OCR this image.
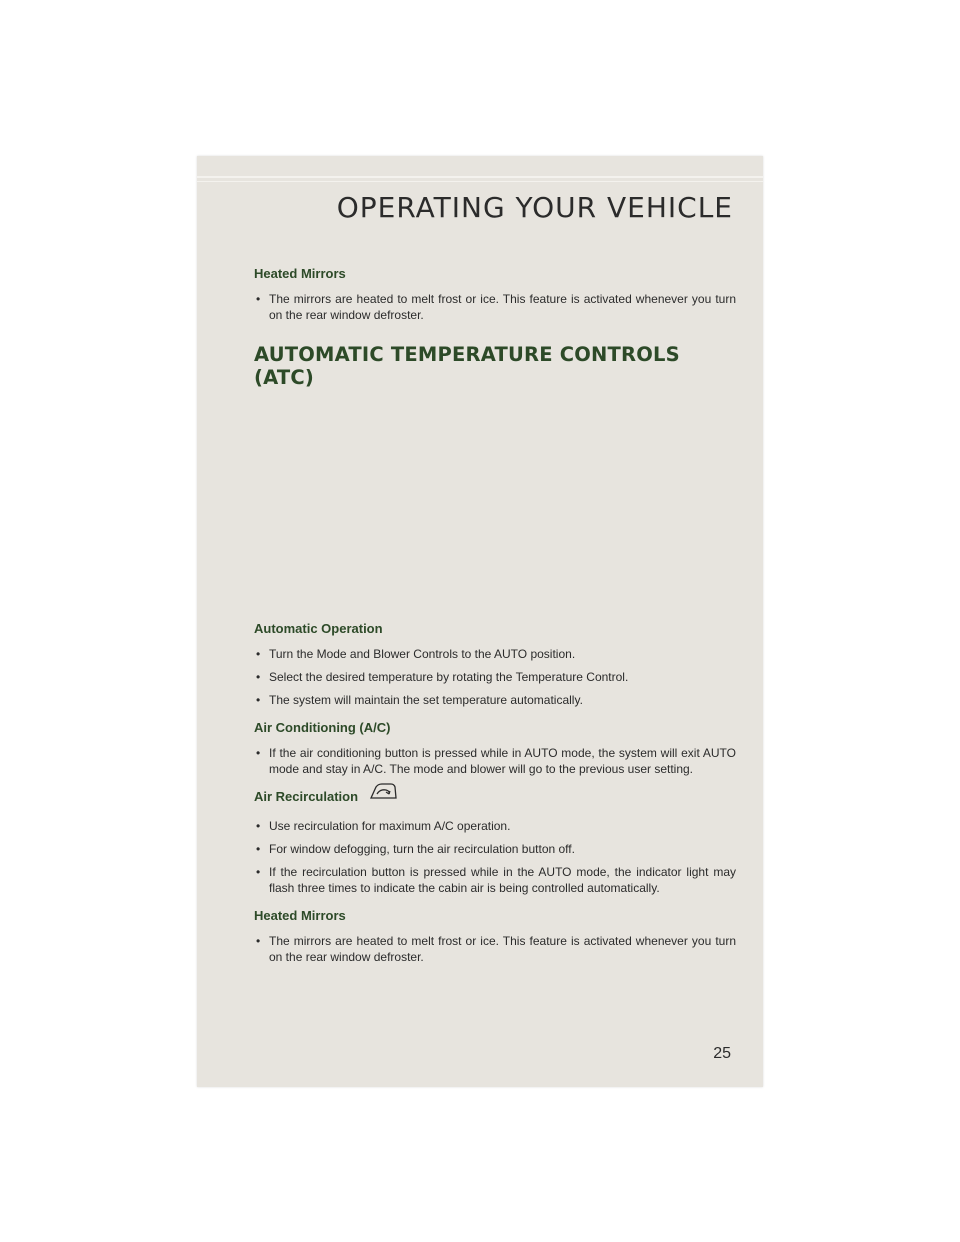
OPERATING YOUR VEHICLE
Heated Mirrors
• The mirrors are heated to melt frost or ice. This feature is activated whenever you turn on the rear window defroster.
AUTOMATIC TEMPERATURE CONTROLS (ATC)
Automatic Operation
• Turn the Mode and Blower Controls to the AUTO position.
• Select the desired temperature by rotating the Temperature Control.
• The system will maintain the set temperature automatically.
Air Conditioning (A/C)
• If the air conditioning button is pressed while in AUTO mode, the system will exit AUTO mode and stay in A/C. The mode and blower will go to the previous user setting.
Air Recirculation
• Use recirculation for maximum A/C operation.
• For window defogging, turn the air recirculation button off.
• If the recirculation button is pressed while in the AUTO mode, the indicator light may flash three times to indicate the cabin air is being controlled automatically.
Heated Mirrors
• The mirrors are heated to melt frost or ice. This feature is activated whenever you turn on the rear window defroster.
25
